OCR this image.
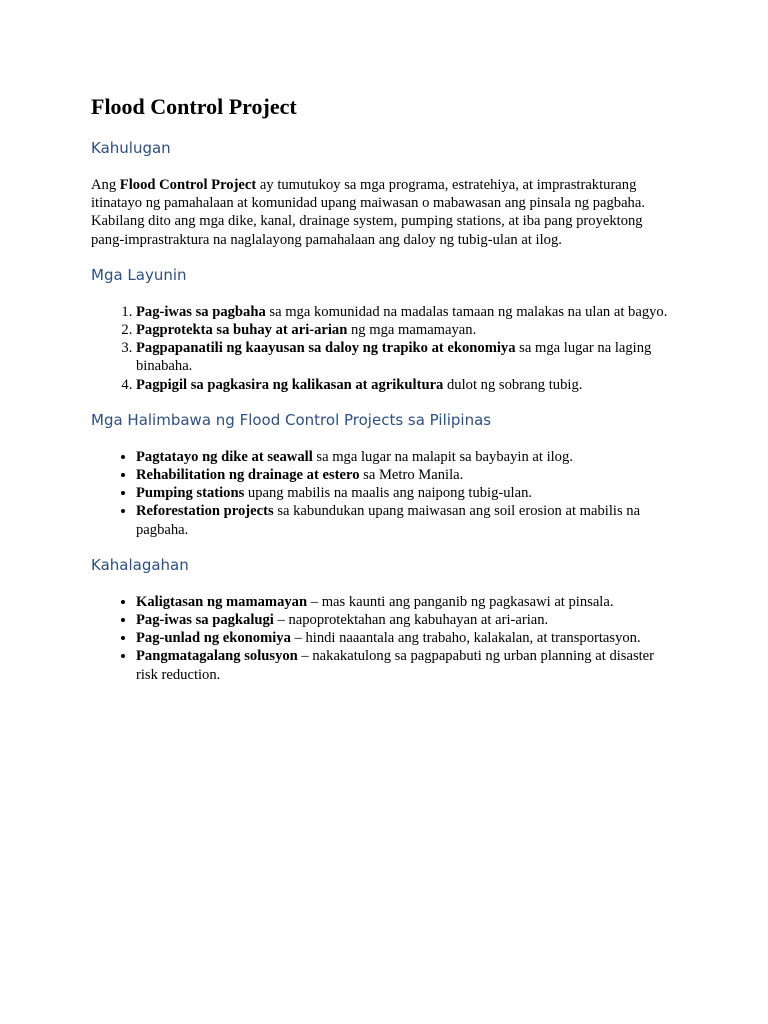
Flood Control Project
Kahulugan

Ang Flood Control Project ay tumutukoy sa mga programa, estratehiya, at imprastrakturang itinatayo ng pamahalaan at komunidad upang maiwasan o mabawasan ang pinsala ng pagbaha. Kabilang dito ang mga dike, kanal, drainage system, pumping stations, at iba pang proyektong pang-imprastraktura na naglalayong pamahalaan ang daloy ng tubig-ulan at ilog.

Mga Layunin
1. Pag-iwas sa pagbaha sa mga komunidad na madalas tamaan ng malakas na ulan at bagyo.
2. Pagprotekta sa buhay at ari-arian ng mga mamamayan.
3. Pagpapanatili ng kaayusan sa daloy ng trapiko at ekonomiya sa mga lugar na laging binabaha.
4. Pagpigil sa pagkasira ng kalikasan at agrikultura dulot ng sobrang tubig.
Mga Halimbawa ng Flood Control Projects sa Pilipinas
• Pagtatayo ng dike at seawall sa mga lugar na malapit sa baybayin at ilog.
• Rehabilitation ng drainage at estero sa Metro Manila.
• Pumping stations upang mabilis na maalis ang naipong tubig-ulan.
• Reforestation projects sa kabundukan upang maiwasan ang soil erosion at mabilis na pagbaha.
Kahalagahan
• Kaligtasan ng mamamayan – mas kaunti ang panganib ng pagkasawi at pinsala.
• Pag-iwas sa pagkalugi – napoprotektahan ang kabuhayan at ari-arian.
• Pag-unlad ng ekonomiya – hindi naaantala ang trabaho, kalakalan, at transportasyon.
• Pangmatagalang solusyon – nakakatulong sa pagpapabuti ng urban planning at disaster risk reduction.
